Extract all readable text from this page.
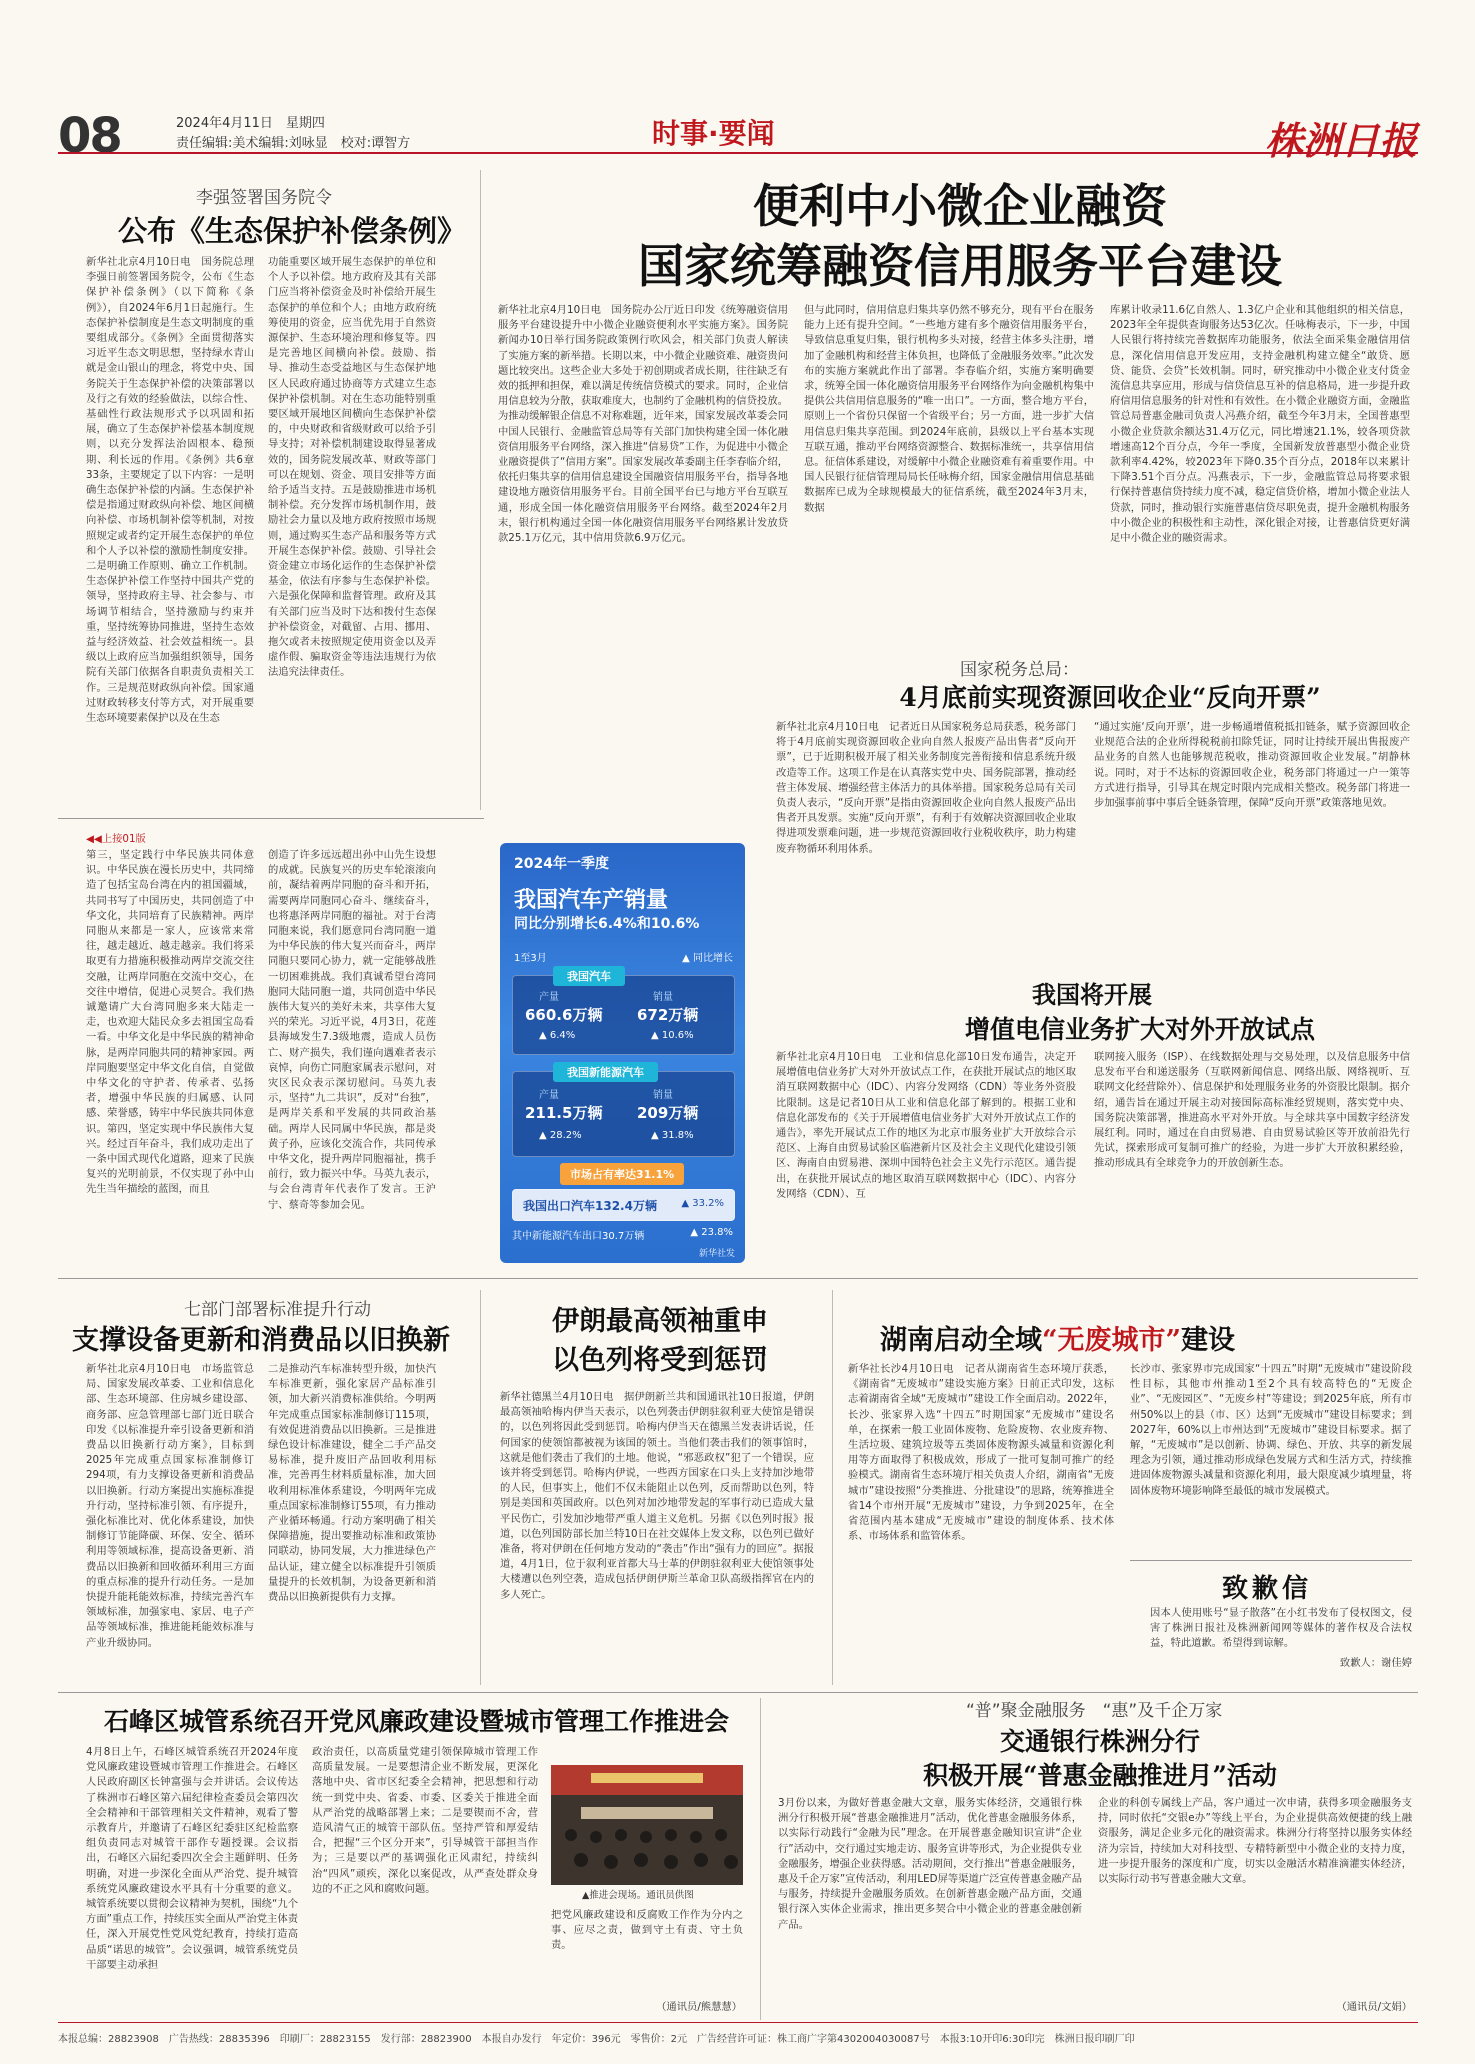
08	2024年4月11日　星期四
责任编辑:美术编辑:刘咏显　校对:谭智方	时事·要闻	株洲日报
李强签署国务院令
公布《生态保护补偿条例》
新华社北京4月10日电　国务院总理李强日前签署国务院令，公布《生态保护补偿条例》（以下简称《条例》），自2024年6月1日起施行。生态保护补偿制度是生态文明制度的重要组成部分。《条例》全面贯彻落实习近平生态文明思想，坚持绿水青山就是金山银山的理念，将党中央、国务院关于生态保护补偿的决策部署以及行之有效的经验做法，以综合性、基础性行政法规形式予以巩固和拓展，确立了生态保护补偿基本制度规则，以充分发挥法治固根本、稳预期、利长远的作用。《条例》共6章33条，主要规定了以下内容：一是明确生态保护补偿的内涵。生态保护补偿是指通过财政纵向补偿、地区间横向补偿、市场机制补偿等机制，对按照规定或者约定开展生态保护的单位和个人予以补偿的激励性制度安排。二是明确工作原则、确立工作机制。生态保护补偿工作坚持中国共产党的领导，坚持政府主导、社会参与、市场调节相结合，坚持激励与约束并重，坚持统筹协同推进，坚持生态效益与经济效益、社会效益相统一。县级以上政府应当加强组织领导，国务院有关部门依据各自职责负责相关工作。三是规范财政纵向补偿。国家通过财政转移支付等方式，对开展重要生态环境要素保护以及在生态
功能重要区域开展生态保护的单位和个人予以补偿。地方政府及其有关部门应当将补偿资金及时补偿给开展生态保护的单位和个人；由地方政府统筹使用的资金，应当优先用于自然资源保护、生态环境治理和修复等。四是完善地区间横向补偿。鼓励、指导、推动生态受益地区与生态保护地区人民政府通过协商等方式建立生态保护补偿机制。对在生态功能特别重要区域开展地区间横向生态保护补偿的，中央财政和省级财政可以给予引导支持；对补偿机制建设取得显著成效的，国务院发展改革、财政等部门可以在规划、资金、项目安排等方面给予适当支持。五是鼓励推进市场机制补偿。充分发挥市场机制作用，鼓励社会力量以及地方政府按照市场规则，通过购买生态产品和服务等方式开展生态保护补偿。鼓励、引导社会资金建立市场化运作的生态保护补偿基金，依法有序参与生态保护补偿。六是强化保障和监督管理。政府及其有关部门应当及时下达和拨付生态保护补偿资金，对截留、占用、挪用、拖欠或者未按照规定使用资金以及弄虚作假、骗取资金等违法违规行为依法追究法律责任。
便利中小微企业融资
国家统筹融资信用服务平台建设
新华社北京4月10日电　国务院办公厅近日印发《统筹融资信用服务平台建设提升中小微企业融资便利水平实施方案》。国务院新闻办10日举行国务院政策例行吹风会，相关部门负责人解读了实施方案的新举措。长期以来，中小微企业融资难、融资贵问题比较突出。这些企业大多处于初创期或者成长期，往往缺乏有效的抵押和担保，难以满足传统信贷模式的要求。同时，企业信用信息较为分散，获取难度大，也制约了金融机构的信贷投放。为推动缓解银企信息不对称难题，近年来，国家发展改革委会同中国人民银行、金融监管总局等有关部门加快构建全国一体化融资信用服务平台网络，深入推进“信易贷”工作，为促进中小微企业融资提供了“信用方案”。国家发展改革委副主任李春临介绍，依托归集共享的信用信息建设全国融资信用服务平台，指导各地建设地方融资信用服务平台。目前全国平台已与地方平台互联互通，形成全国一体化融资信用服务平台网络。截至2024年2月末，银行机构通过全国一体化融资信用服务平台网络累计发放贷款25.1万亿元，其中信用贷款6.9万亿元。
但与此同时，信用信息归集共享仍然不够充分，现有平台在服务能力上还有提升空间。“一些地方建有多个融资信用服务平台，导致信息重复归集，银行机构多头对接，经营主体多头注册，增加了金融机构和经营主体负担，也降低了金融服务效率。”此次发布的实施方案就此作出了部署。李春临介绍，实施方案明确要求，统筹全国一体化融资信用服务平台网络作为向金融机构集中提供公共信用信息服务的“唯一出口”。一方面，整合地方平台，原则上一个省份只保留一个省级平台；另一方面，进一步扩大信用信息归集共享范围。到2024年底前，县级以上平台基本实现互联互通，推动平台网络资源整合、数据标准统一，共享信用信息。征信体系建设，对缓解中小微企业融资难有着重要作用。中国人民银行征信管理局局长任咏梅介绍，国家金融信用信息基础数据库已成为全球规模最大的征信系统，截至2024年3月末，数据
库累计收录11.6亿自然人、1.3亿户企业和其他组织的相关信息，2023年全年提供查询服务达53亿次。任咏梅表示，下一步，中国人民银行将持续完善数据库功能服务，依法全面采集金融信用信息，深化信用信息开发应用，支持金融机构建立健全“敢贷、愿贷、能贷、会贷”长效机制。同时，研究推动中小微企业支付货金流信息共享应用，形成与信贷信息互补的信息格局，进一步提升政府信用信息服务的针对性和有效性。在小微企业融资方面，金融监管总局普惠金融司负责人冯燕介绍，截至今年3月末，全国普惠型小微企业贷款余额达31.4万亿元，同比增速21.1%，较各项贷款增速高12个百分点，今年一季度，全国新发放普惠型小微企业贷款利率4.42%，较2023年下降0.35个百分点，2018年以来累计下降3.51个百分点。冯燕表示，下一步，金融监管总局将要求银行保持普惠信贷持续力度不减，稳定信贷价格，增加小微企业法人贷款，同时，推动银行实施普惠信贷尽职免责，提升金融机构服务中小微企业的积极性和主动性，深化银企对接，让普惠信贷更好满足中小微企业的融资需求。
◀◀上接01版
第三，坚定践行中华民族共同体意识。中华民族在漫长历史中，共同缔造了包括宝岛台湾在内的祖国疆域，共同书写了中国历史，共同创造了中华文化，共同培育了民族精神。两岸同胞从来都是一家人，应该常来常往，越走越近、越走越亲。我们将采取更有力措施积极推动两岸交流交往交融，让两岸同胞在交流中交心，在交往中增信，促进心灵契合。我们热诚邀请广大台湾同胞多来大陆走一走，也欢迎大陆民众多去祖国宝岛看一看。中华文化是中华民族的精神命脉，是两岸同胞共同的精神家园。两岸同胞要坚定中华文化自信，自觉做中华文化的守护者、传承者、弘扬者，增强中华民族的归属感、认同感、荣誉感，铸牢中华民族共同体意识。第四，坚定实现中华民族伟大复兴。经过百年奋斗，我们成功走出了一条中国式现代化道路，迎来了民族复兴的光明前景，不仅实现了孙中山先生当年描绘的蓝图，而且
创造了许多远远超出孙中山先生设想的成就。民族复兴的历史车轮滚滚向前，凝结着两岸同胞的奋斗和开拓，需要两岸同胞同心奋斗、继续奋斗，也将惠泽两岸同胞的福祉。对于台湾同胞来说，我们愿意同台湾同胞一道为中华民族的伟大复兴而奋斗，两岸同胞只要同心协力，就一定能够战胜一切困难挑战。我们真诚希望台湾同胞同大陆同胞一道，共同创造中华民族伟大复兴的美好未来，共享伟大复兴的荣光。习近平说，4月3日，花莲县海域发生7.3级地震，造成人员伤亡、财产损失，我们谨向遇难者表示哀悼，向伤亡同胞家属表示慰问，对灾区民众表示深切慰问。马英九表示，坚持“九二共识”，反对“台独”，是两岸关系和平发展的共同政治基础。两岸人民同属中华民族，都是炎黄子孙，应该化交流合作，共同传承中华文化，提升两岸同胞福祉，携手前行，致力振兴中华。马英九表示，与会台湾青年代表作了发言。王沪宁、蔡奇等参加会见。
2024年一季度
我国汽车产销量
同比分别增长6.4%和10.6%
1至3月	▲ 同比增长
我国汽车
产量
660.6万辆
▲ 6.4%
销量
672万辆
▲ 10.6%
我国新能源汽车
产量
211.5万辆
▲ 28.2%
销量
209万辆
▲ 31.8%
市场占有率达31.1%
我国出口汽车132.4万辆 ▲ 33.2%
其中新能源汽车出口30.7万辆	▲ 23.8%
新华社发
国家税务总局：
4月底前实现资源回收企业“反向开票”
新华社北京4月10日电　记者近日从国家税务总局获悉，税务部门将于4月底前实现资源回收企业向自然人报废产品出售者“反向开票”，已于近期积极开展了相关业务制度完善衔接和信息系统升级改造等工作。这项工作是在认真落实党中央、国务院部署，推动经营主体发展、增强经营主体活力的具体举措。国家税务总局有关司负责人表示，“反向开票”是指由资源回收企业向自然人报废产品出售者开具发票。实施“反向开票”，有利于有效解决资源回收企业取得进项发票难问题，进一步规范资源回收行业税收秩序，助力构建废弃物循环利用体系。
“通过实施‘反向开票’，进一步畅通增值税抵扣链条，赋予资源回收企业规范合法的企业所得税税前扣除凭证，同时让持续开展出售报废产品业务的自然人也能够规范税收，推动资源回收企业发展。”胡静林说。同时，对于不达标的资源回收企业，税务部门将通过一户一策等方式进行指导，引导其在规定时限内完成相关整改。税务部门将进一步加强事前事中事后全链条管理，保障“反向开票”政策落地见效。
我国将开展
增值电信业务扩大对外开放试点
新华社北京4月10日电　工业和信息化部10日发布通告，决定开展增值电信业务扩大对外开放试点工作，在获批开展试点的地区取消互联网数据中心（IDC）、内容分发网络（CDN）等业务外资股比限制。这是记者10日从工业和信息化部了解到的。根据工业和信息化部发布的《关于开展增值电信业务扩大对外开放试点工作的通告》，率先开展试点工作的地区为北京市服务业扩大开放综合示范区、上海自由贸易试验区临港新片区及社会主义现代化建设引领区、海南自由贸易港、深圳中国特色社会主义先行示范区。通告提出，在获批开展试点的地区取消互联网数据中心（IDC）、内容分发网络（CDN）、互
联网接入服务（ISP）、在线数据处理与交易处理，以及信息服务中信息发布平台和递送服务（互联网新闻信息、网络出版、网络视听、互联网文化经营除外）、信息保护和处理服务业务的外资股比限制。据介绍，通告旨在通过开展主动对接国际高标准经贸规则，落实党中央、国务院决策部署，推进高水平对外开放。与全球共享中国数字经济发展红利。同时，通过在自由贸易港、自由贸易试验区等开放前沿先行先试，探索形成可复制可推广的经验，为进一步扩大开放积累经验，推动形成具有全球竞争力的开放创新生态。
七部门部署标准提升行动
支撑设备更新和消费品以旧换新
新华社北京4月10日电　市场监管总局、国家发展改革委、工业和信息化部、生态环境部、住房城乡建设部、商务部、应急管理部七部门近日联合印发《以标准提升牵引设备更新和消费品以旧换新行动方案》，目标到2025年完成重点国家标准制修订294项，有力支撑设备更新和消费品以旧换新。行动方案提出实施标准提升行动，坚持标准引领、有序提升，强化标准比对、优化体系建设，加快制修订节能降碳、环保、安全、循环利用等领域标准，提高设备更新、消费品以旧换新和回收循环利用三方面的重点标准的提升行动任务。一是加快提升能耗能效标准，持续完善汽车领域标准，加强家电、家居、电子产品等领域标准，推进能耗能效标准与产业升级协同。
二是推动汽车标准转型升级，加快汽车标准更新，强化家居产品标准引领，加大新兴消费标准供给。今明两年完成重点国家标准制修订115项，有效促进消费品以旧换新。三是推进绿色设计标准建设，健全二手产品交易标准，提升废旧产品回收利用标准，完善再生材料质量标准，加大回收利用标准体系建设，今明两年完成重点国家标准制修订55项，有力推动产业循环畅通。行动方案明确了相关保障措施，提出要推动标准和政策协同联动，协同发展，大力推进绿色产品认证，建立健全以标准提升引领质量提升的长效机制，为设备更新和消费品以旧换新提供有力支撑。
伊朗最高领袖重申
以色列将受到惩罚
新华社德黑兰4月10日电　据伊朗新兰共和国通讯社10日报道，伊朗最高领袖哈梅内伊当天表示，以色列袭击伊朗驻叙利亚大使馆是错误的，以色列将因此受到惩罚。哈梅内伊当天在德黑兰发表讲话说，任何国家的使领馆都被视为该国的领土。当他们袭击我们的领事馆时，这就是他们袭击了我们的土地。他说，“邪恶政权”犯了一个错误，应该并将受到惩罚。哈梅内伊说，一些西方国家在口头上支持加沙地带的人民，但事实上，他们不仅未能阻止以色列，反而帮助以色列，特别是美国和英国政府。以色列对加沙地带发起的军事行动已造成大量平民伤亡，引发加沙地带严重人道主义危机。另据《以色列时报》报道，以色列国防部长加兰特10日在社交媒体上发文称，以色列已做好准备，将对伊朗在任何地方发动的“袭击”作出“强有力的回应”。据报道，4月1日，位于叙利亚首都大马士革的伊朗驻叙利亚大使馆领事处大楼遭以色列空袭，造成包括伊朗伊斯兰革命卫队高级指挥官在内的多人死亡。
湖南启动全域“无废城市”建设
新华社长沙4月10日电　记者从湖南省生态环境厅获悉，《湖南省“无废城市”建设实施方案》日前正式印发，这标志着湖南省全域“无废城市”建设工作全面启动。2022年，长沙、张家界入选“十四五”时期国家“无废城市”建设名单，在探索一般工业固体废物、危险废物、农业废弃物、生活垃圾、建筑垃圾等五类固体废物源头减量和资源化利用等方面取得了积极成效，形成了一批可复制可推广的经验模式。湖南省生态环境厅相关负责人介绍，湖南省“无废城市”建设按照“分类推进、分批建设”的思路，统筹推进全省14个市州开展“无废城市”建设，力争到2025年，在全省范围内基本建成“无废城市”建设的制度体系、技术体系、市场体系和监管体系。
长沙市、张家界市完成国家“十四五”时期“无废城市”建设阶段性目标，其他市州推动1至2个具有较高特色的“无废企业”、“无废园区”、“无废乡村”等建设；到2025年底，所有市州50%以上的县（市、区）达到“无废城市”建设目标要求；到2027年，60%以上市州达到“无废城市”建设目标要求。据了解，“无废城市”是以创新、协调、绿色、开放、共享的新发展理念为引领，通过推动形成绿色发展方式和生活方式，持续推进固体废物源头减量和资源化利用，最大限度减少填埋量，将固体废物环境影响降至最低的城市发展模式。
致歉信
因本人使用账号“显子散落”在小红书发布了侵权图文，侵害了株洲日报社及株洲新闻网等媒体的著作权及合法权益，特此道歉。希望得到谅解。
致歉人：谢佳婷
石峰区城管系统召开党风廉政建设暨城市管理工作推进会
4月8日上午，石峰区城管系统召开2024年度党风廉政建设暨城市管理工作推进会。石峰区人民政府副区长钟富强与会并讲话。会议传达了株洲市石峰区第六届纪律检查委员会第四次全会精神和干部管理相关文件精神，观看了警示教育片，并邀请了石峰区纪委驻区纪检监察组负责同志对城管干部作专题授课。会议指出，石峰区六届纪委四次全会主题鲜明、任务明确，对进一步深化全面从严治党、提升城管系统党风廉政建设水平具有十分重要的意义。城管系统要以贯彻会议精神为契机，围绕“九个方面”重点工作，持续压实全面从严治党主体责任，深入开展党性党风党纪教育，持续打造高品质“诺思的城管”。会议强调，城管系统党员干部要主动承担
政治责任，以高质量党建引领保障城市管理工作高质量发展。一是要想清企业不断发展，更深化落地中央、省市区纪委全会精神，把思想和行动统一到党中央、省委、市委、区委关于推进全面从严治党的战略部署上来；二是要锲而不舍，营造风清气正的城管干部队伍。坚持严管和厚爱结合，把握“三个区分开来”，引导城管干部担当作为；三是要以严的基调强化正风肃纪，持续纠治“四风”顽疾，深化以案促改，从严查处群众身边的不正之风和腐败问题。
▲推进会现场。通讯员供图
把党风廉政建设和反腐败工作作为分内之事、应尽之责，做到守土有责、守土负责。
（通讯员/熊慧慧）
“普”聚金融服务　“惠”及千企万家
交通银行株洲分行
积极开展“普惠金融推进月”活动
3月份以来，为做好普惠金融大文章，服务实体经济，交通银行株洲分行积极开展“普惠金融推进月”活动，优化普惠金融服务体系，以实际行动践行“金融为民”理念。在开展普惠金融知识宣讲“企业行”活动中，交行通过实地走访、服务宣讲等形式，为企业提供专业金融服务，增强企业获得感。活动期间，交行推出“普惠金融服务，惠及千企万家”宣传活动，利用LED屏等渠道广泛宣传普惠金融产品与服务，持续提升金融服务质效。在创新普惠金融产品方面，交通银行深入实体企业需求，推出更多契合中小微企业的普惠金融创新产品。
企业的科创专属线上产品，客户通过一次申请，获得多项金融服务支持，同时依托“交银e办”等线上平台，为企业提供高效便捷的线上融资服务，满足企业多元化的融资需求。株洲分行将坚持以服务实体经济为宗旨，持续加大对科技型、专精特新型中小微企业的支持力度，进一步提升服务的深度和广度，切实以金融活水精准滴灌实体经济，以实际行动书写普惠金融大文章。
（通讯员/文娟）
本报总编：28823908　广告热线：28835396　印刷厂：28823155　发行部：28823900　本报自办发行　年定价：396元　零售价：2元　广告经营许可证：株工商广字第4302004030087号　本报3:10开印6:30印完　株洲日报印刷厂印
